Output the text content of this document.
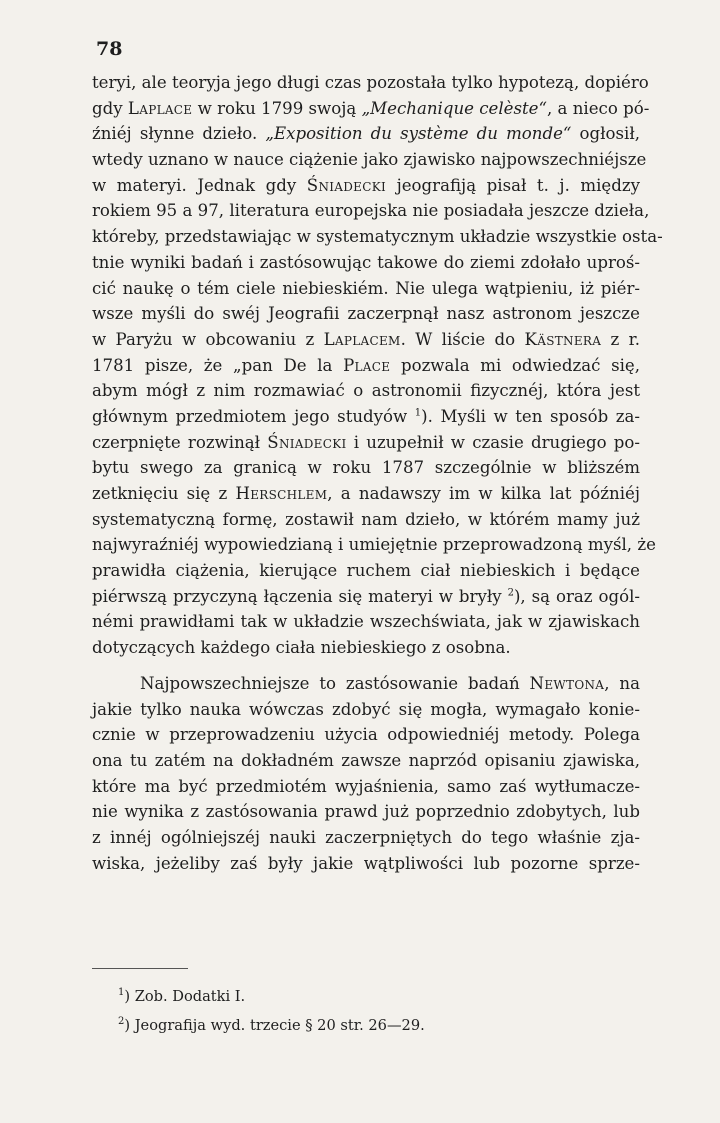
78
teryi, ale teoryja jego długi czas pozostała tylko hypotezą, dopiéro
gdy Laplace w roku 1799 swoją „Mechanique celèste“, a nieco pó-
źniéj słynne dzieło. „Exposition du système du monde“ ogłosił,
wtedy uznano w nauce ciążenie jako zjawisko najpowszechniéjsze
w materyi. Jednak gdy Śniadecki jeografiją pisał t. j. między
rokiem 95 a 97, literatura europejska nie posiadała jeszcze dzieła,
któreby, przedstawiając w systematycznym układzie wszystkie osta-
tnie wyniki badań i zastósowując takowe do ziemi zdołało uproś-
cić naukę o tém ciele niebieskiém. Nie ulega wątpieniu, iż piér-
wsze myśli do swéj Jeografii zaczerpnął nasz astronom jeszcze
w Paryżu w obcowaniu z Laplacem. W liście do Kästnera z r.
1781 pisze, że „pan De la Place pozwala mi odwiedzać się,
abym mógł z nim rozmawiać o astronomii fizycznéj, która jest
głównym przedmiotem jego studyów $^1$). Myśli w ten sposób za-
czerpnięte rozwinął Śniadecki i uzupełnił w czasie drugiego po-
bytu swego za granicą w roku 1787 szczególnie w bliższém
zetknięciu się z Herschlem, a nadawszy im w kilka lat późniéj
systematyczną formę, zostawił nam dzieło, w którém mamy już
najwyraźniéj wypowiedzianą i umiejętnie przeprowadzoną myśl, że
prawidła ciążenia, kierujące ruchem ciał niebieskich i będące
piérwszą przyczyną łączenia się materyi w bryły $^2$), są oraz ogól-
némi prawidłami tak w układzie wszechświata, jak w zjawiskach
dotyczących każdego ciała niebieskiego z osobna.
Najpowszechniejsze to zastósowanie badań Newtona, na
jakie tylko nauka wówczas zdobyć się mogła, wymagało konie-
cznie w przeprowadzeniu użycia odpowiedniéj metody. Polega
ona tu zatém na dokładném zawsze naprzód opisaniu zjawiska,
które ma być przedmiotém wyjaśnienia, samo zaś wytłumacze-
nie wynika z zastósowania prawd już poprzednio zdobytych, lub
z innéj ogólniejszéj nauki zaczerpniętych do tego właśnie zja-
wiska, jeżeliby zaś były jakie wątpliwości lub pozorne sprze-
$^1$) Zob. Dodatki I.
$^2$) Jeografija wyd. trzecie § 20 str. 26—29.
